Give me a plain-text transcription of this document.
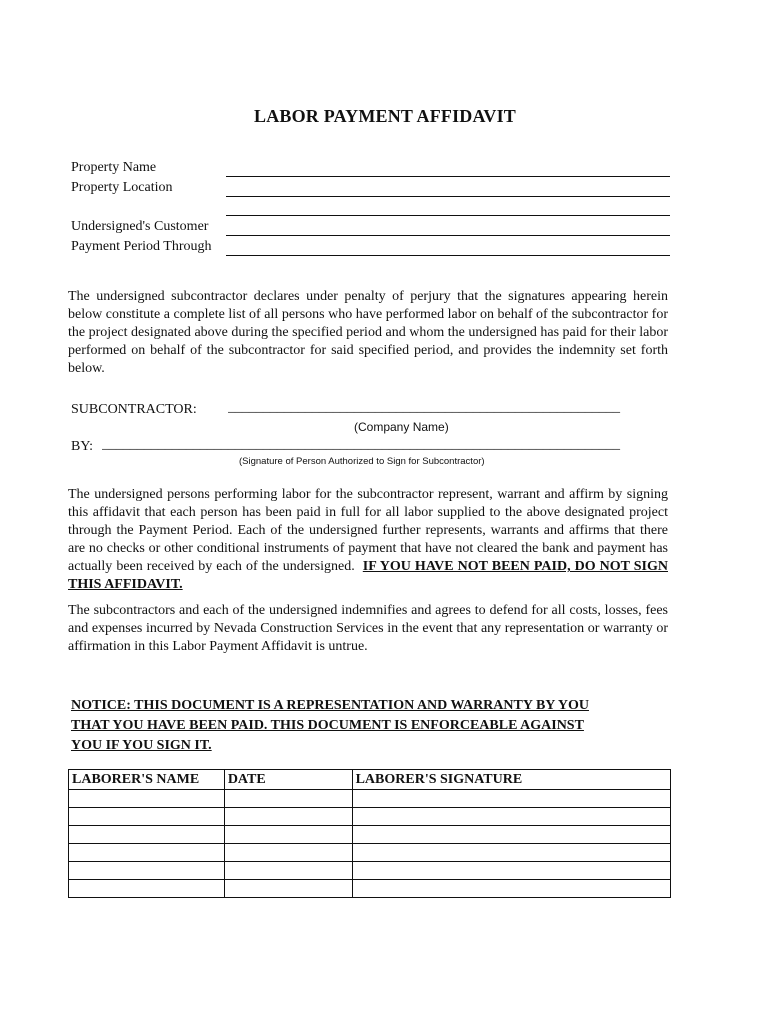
LABOR PAYMENT AFFIDAVIT
Property Name
Property Location
Undersigned's Customer
Payment Period Through
The undersigned subcontractor declares under penalty of perjury that the signatures appearing herein below constitute a complete list of all persons who have performed labor on behalf of the subcontractor for the project designated above during the specified period and whom the undersigned has paid for their labor performed on behalf of the subcontractor for said specified period, and provides the indemnity set forth below.
SUBCONTRACTOR: ________________________________________________________
(Company Name)
BY: __________________________________________________________________________
(Signature of Person Authorized to Sign for Subcontractor)
The undersigned persons performing labor for the subcontractor represent, warrant and affirm by signing this affidavit that each person has been paid in full for all labor supplied to the above designated project through the Payment Period. Each of the undersigned further represents, warrants and affirms that there are no checks or other conditional instruments of payment that have not cleared the bank and payment has actually been received by each of the undersigned. IF YOU HAVE NOT BEEN PAID, DO NOT SIGN THIS AFFIDAVIT.
The subcontractors and each of the undersigned indemnifies and agrees to defend for all costs, losses, fees and expenses incurred by Nevada Construction Services in the event that any representation or warranty or affirmation in this Labor Payment Affidavit is untrue.
NOTICE: THIS DOCUMENT IS A REPRESENTATION AND WARRANTY BY YOU
THAT YOU HAVE BEEN PAID. THIS DOCUMENT IS ENFORCEABLE AGAINST
YOU IF YOU SIGN IT.
LABORER'S NAME	DATE	LABORER'S SIGNATURE
